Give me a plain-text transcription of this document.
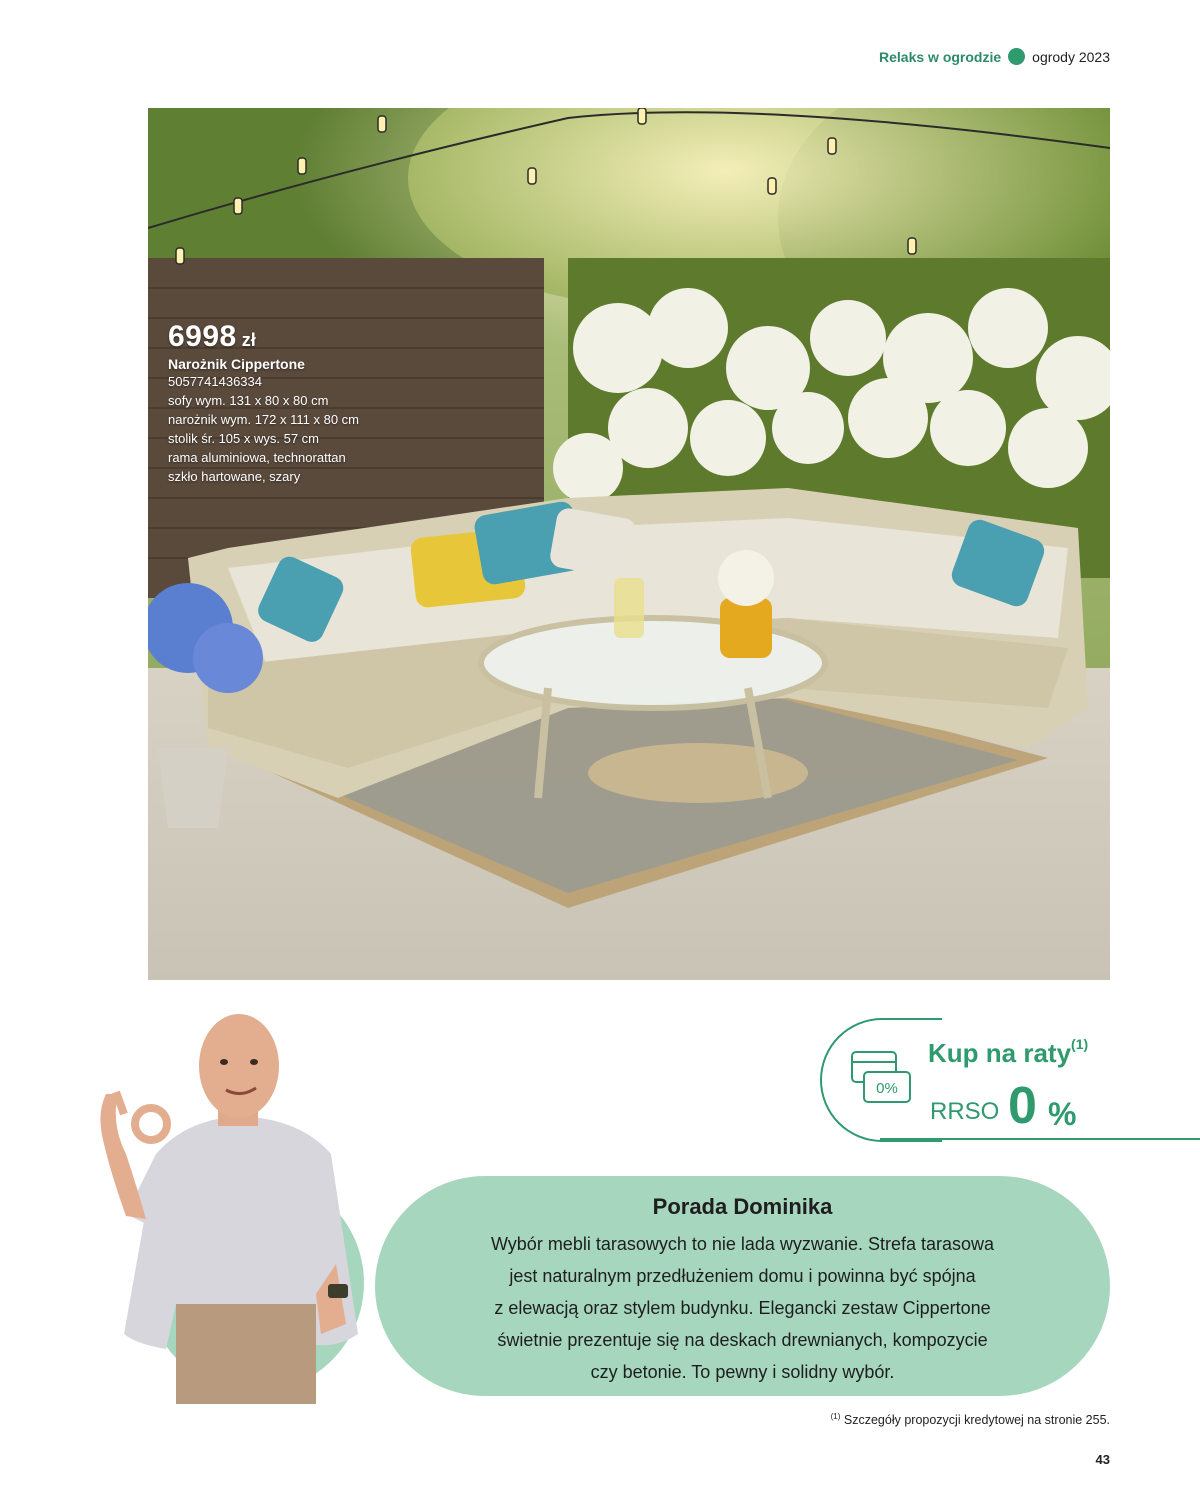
Relaks w ogrodzie ogrody 2023
6998 zł
Narożnik Cippertone
5057741436334
sofy wym. 131 x 80 x 80 cm
narożnik wym. 172 x 111 x 80 cm
stolik śr. 105 x wys. 57 cm
rama aluminiowa, technorattan
szkło hartowane, szary
0%
Kup na raty$^{(1)}$
RRSO 0 %
Porada Dominika
Wybór mebli tarasowych to nie lada wyzwanie. Strefa tarasowa
jest naturalnym przedłużeniem domu i powinna być spójna
z elewacją oraz stylem budynku. Elegancki zestaw Cippertone
świetnie prezentuje się na deskach drewnianych, kompozycie
czy betonie. To pewny i solidny wybór.
$^{(1)}$ Szczegóły propozycji kredytowej na stronie 255.
43
